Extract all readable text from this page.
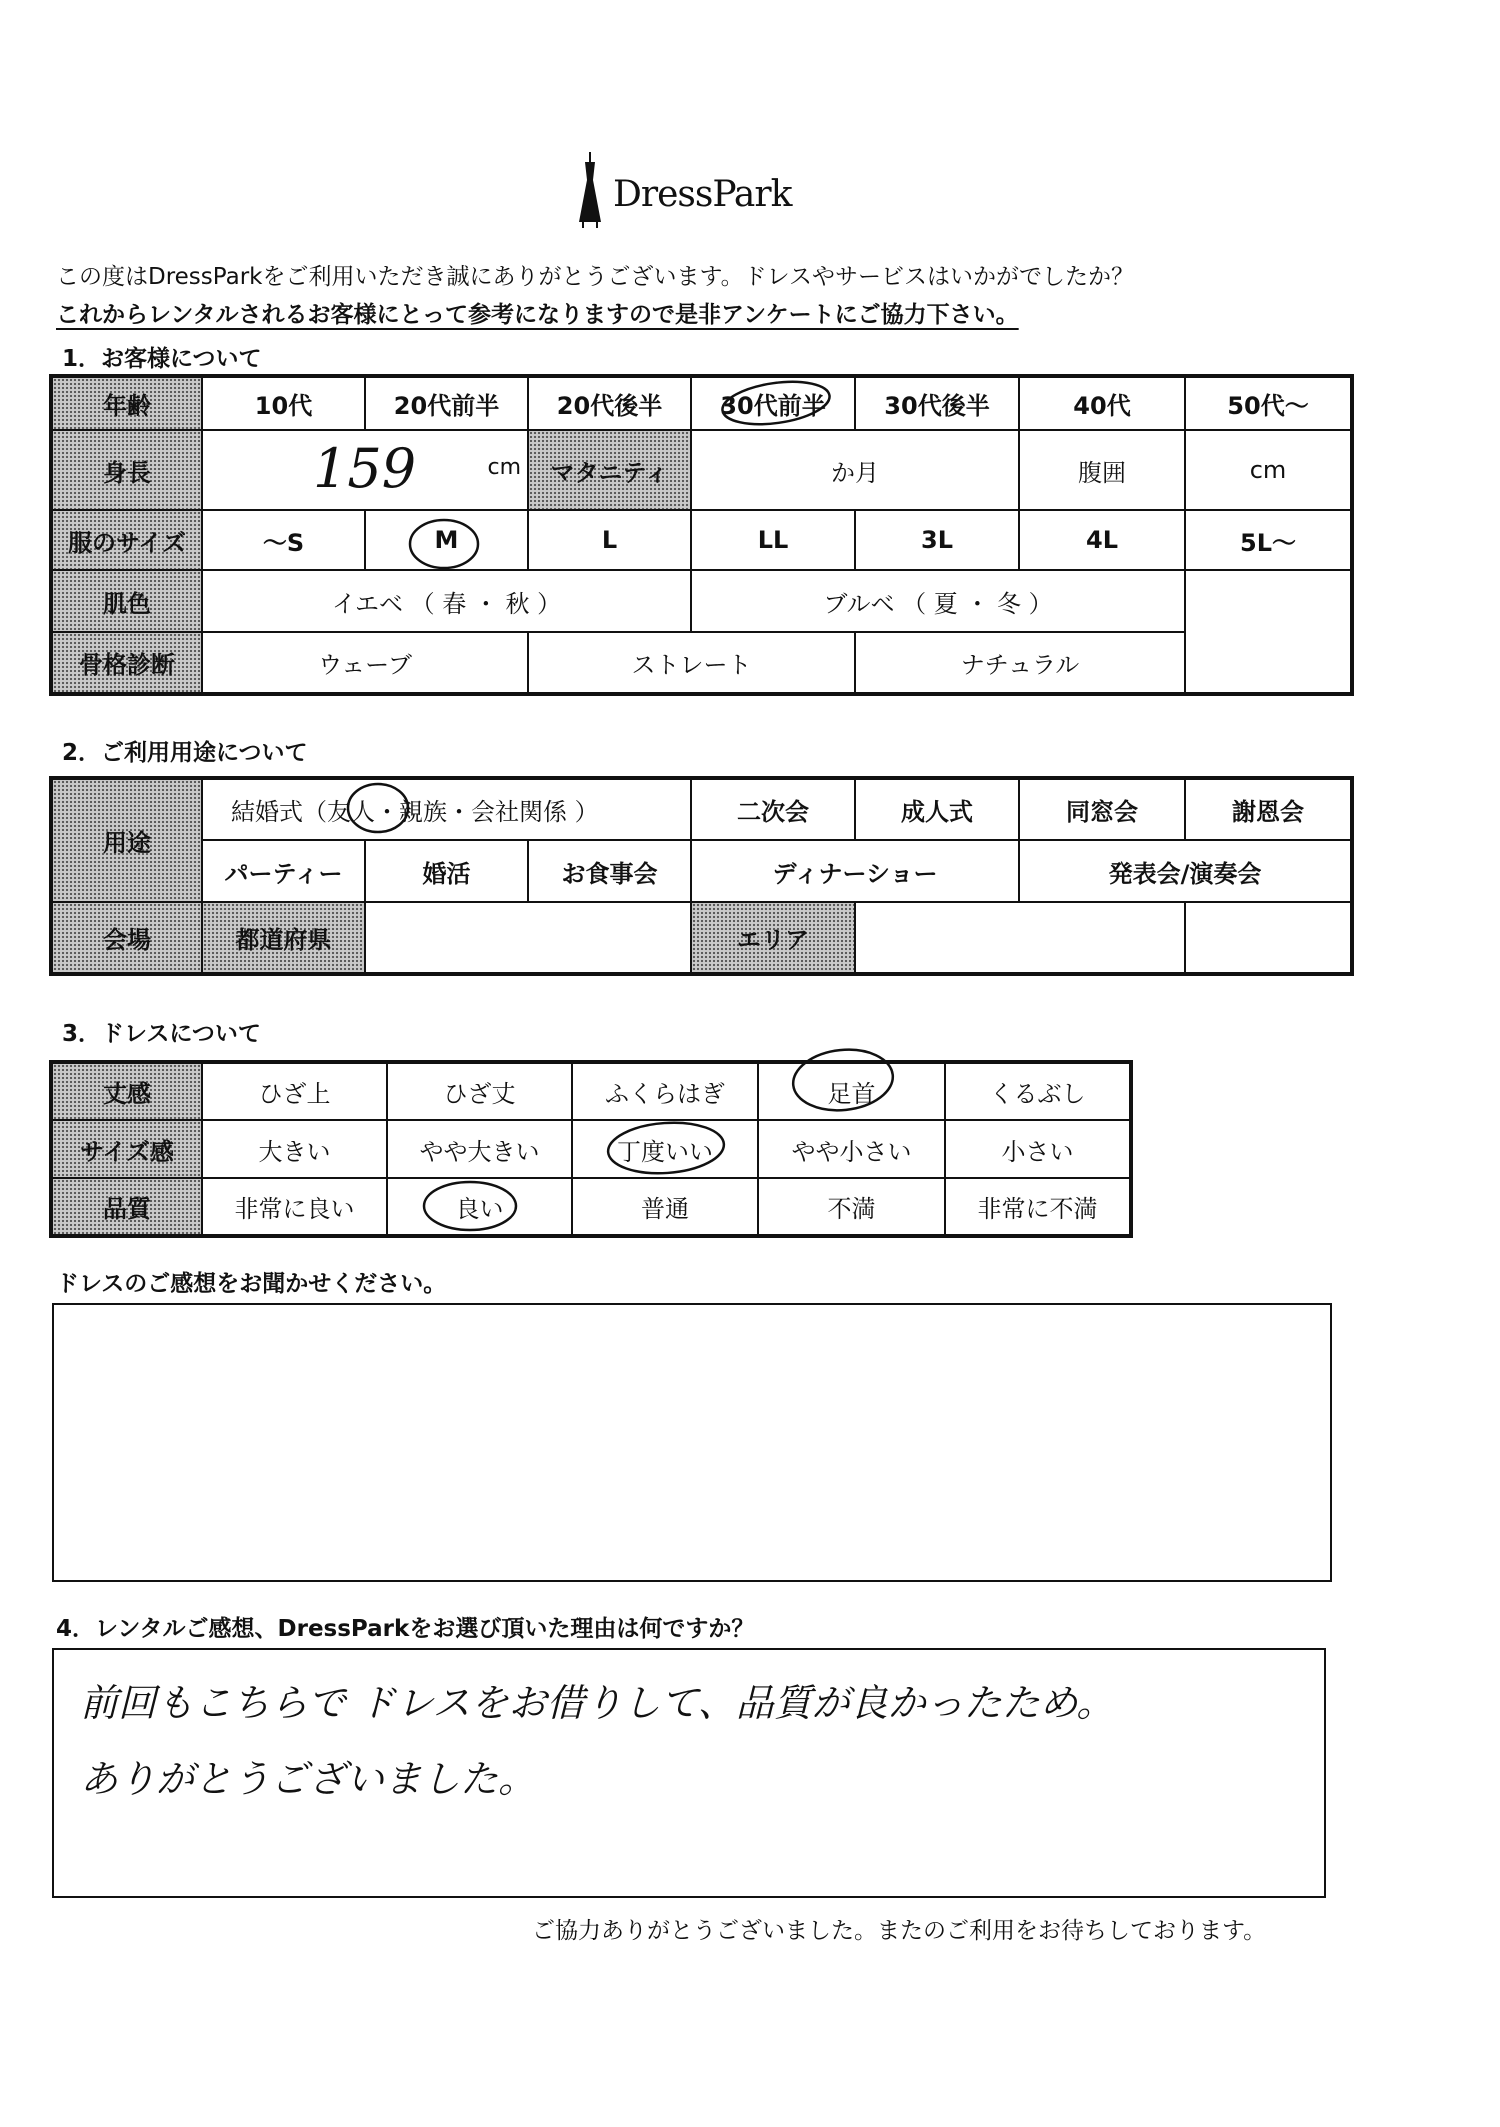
DressPark
この度はDressParkをご利用いただき誠にありがとうございます。ドレスやサービスはいかがでしたか？
これからレンタルされるお客様にとって参考になりますので是非アンケートにご協力下さい。
1．お客様について
年齢	10代	20代前半	20代後半	30代前半	30代後半	40代	50代～
身長	159 cm		マタニティ	か月		腹囲	cm
服のサイズ	～S	M	L	LL	3L	4L	5L～
肌色	イエベ （ 春 ・ 秋 ）			ブルベ （ 夏 ・ 冬 ）			
骨格診断	ウェーブ		ストレート		ナチュラル		
2．ご利用用途について
用途	結婚式（友人・親族・会社関係 ）			二次会	成人式	同窓会	謝恩会
	パーティー	婚活	お食事会	ディナーショー		発表会/演奏会	
会場	都道府県			エリア			
3．ドレスについて
丈感	ひざ上	ひざ丈	ふくらはぎ	足首	くるぶし
サイズ感	大きい	やや大きい	丁度いい	やや小さい	小さい
品質	非常に良い	良い	普通	不満	非常に不満
ドレスのご感想をお聞かせください。
4．レンタルご感想、DressParkをお選び頂いた理由は何ですか？
前回もこちらで ドレスをお借りして、品質が良かったため。
ありがとうございました。
ご協力ありがとうございました。またのご利用をお待ちしております。
